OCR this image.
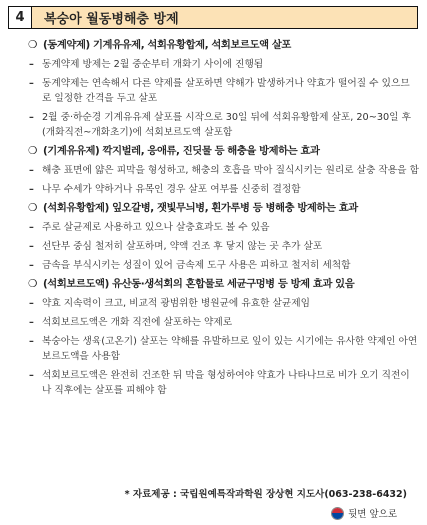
4	복숭아 월동병해충 방제
❍ (동계약제) 기계유유제, 석회유황합제, 석회보르도액 살포
– 동계약제 방제는 2월 중순부터 개화기 사이에 진행됨
– 동계약제는 연속해서 다른 약제를 살포하면 약해가 발생하거나 약효가 떨어질 수 있으므로 일정한 간격을 두고 살포
– 2월 중·하순경 기계유유제 살포를 시작으로 30일 뒤에 석회유황합제 살포, 20~30일 후(개화직전~개화초기)에 석회보르도액 살포함
❍ (기계유유제) 깍지벌레, 응애류, 진딧물 등 해충을 방제하는 효과
– 해충 표면에 얇은 피막을 형성하고, 해충의 호흡을 막아 질식시키는 원리로 살충 작용을 함
– 나무 수세가 약하거나 유목인 경우 살포 여부를 신중히 결정함
❍ (석회유황합제) 잎오갈병, 잿빛무늬병, 흰가루병 등 병해충 방제하는 효과
– 주로 살균제로 사용하고 있으나 살충효과도 볼 수 있음
– 선단부 중심 철저히 살포하며, 약액 건조 후 닿지 않는 곳 추가 살포
– 금속을 부식시키는 성질이 있어 금속제 도구 사용은 피하고 철저히 세척함
❍ (석회보르도액) 유산동·생석회의 혼합물로 세균구멍병 등 방제 효과 있음
– 약효 지속력이 크고, 비교적 광범위한 병원균에 유효한 살균제임
– 석회보르도액은 개화 직전에 살포하는 약제로
– 복숭아는 생육(고온기) 살포는 약해를 유발하므로 잎이 있는 시기에는 유사한 약제인 아연보르도액을 사용함
– 석회보르도액은 완전히 건조한 뒤 막을 형성하여야 약효가 나타나므로 비가 오기 직전이나 직후에는 살포를 피해야 함
* 자료제공 : 국립원예특작과학원 장상현 지도사(063-238-6432)
뒷면 앞으로
